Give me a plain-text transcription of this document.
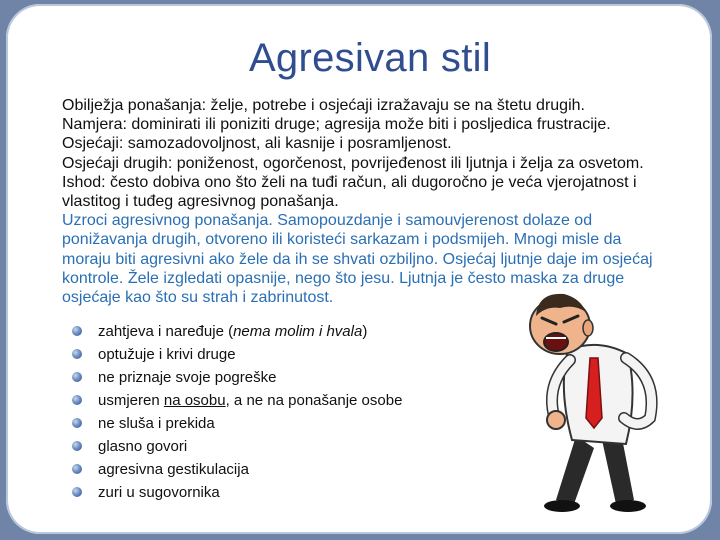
Agresivan stil
Obilježja ponašanja: želje, potrebe i osjećaji izražavaju se na štetu drugih.
Namjera: dominirati ili poniziti druge; agresija može biti i posljedica frustracije.
Osjećaji: samozadovoljnost, ali kasnije i posramljenost.
Osjećaji drugih: poniženost, ogorčenost, povrijeđenost ili ljutnja i želja za osvetom.
Ishod: često dobiva ono što želi na tuđi račun, ali dugoročno je veća vjerojatnost i vlastitog i tuđeg agresivnog ponašanja.
Uzroci agresivnog ponašanja. Samopouzdanje i samouvjerenost dolaze od ponižavanja drugih, otvoreno ili koristeći sarkazam i podsmijeh. Mnogi misle da moraju biti agresivni ako žele da ih se shvati ozbiljno. Osjećaj ljutnje daje im osjećaj kontrole. Žele izgledati opasnije, nego što jesu. Ljutnja je često maska za druge osjećaje kao što su strah i zabrinutost.
zahtjeva i naređuje (nema molim i hvala)
optužuje i krivi druge
ne priznaje svoje pogreške
usmjeren na osobu, a ne na ponašanje osobe
ne sluša i prekida
glasno govori
agresivna gestikulacija
zuri u sugovornika
